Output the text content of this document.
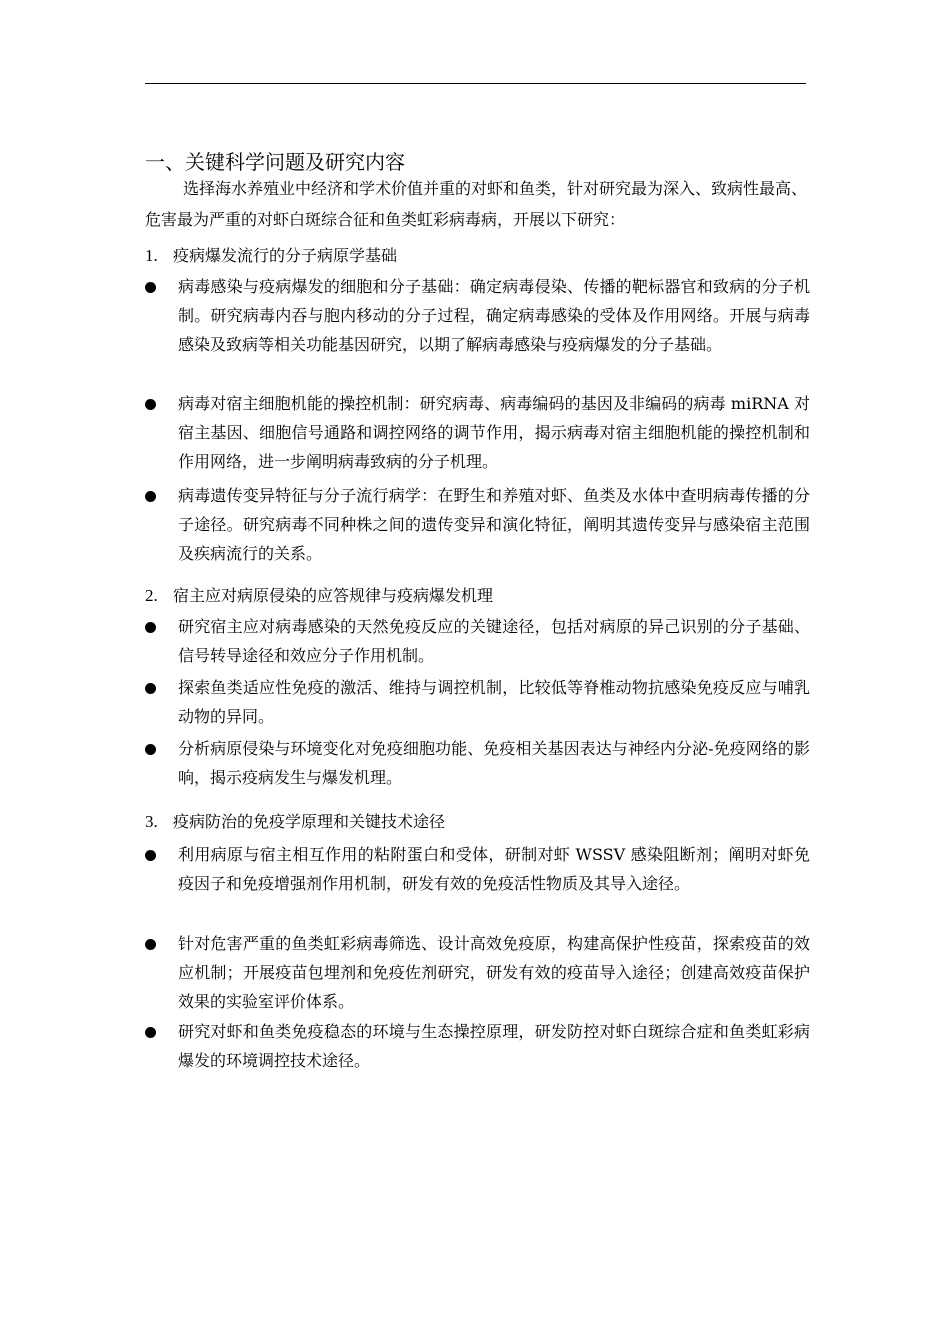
一、关键科学问题及研究内容
选择海水养殖业中经济和学术价值并重的对虾和鱼类，针对研究最为深入、致病性最高、危害最为严重的对虾白斑综合征和鱼类虹彩病毒病，开展以下研究：
1. 疫病爆发流行的分子病原学基础
病毒感染与疫病爆发的细胞和分子基础：确定病毒侵染、传播的靶标器官和致病的分子机制。研究病毒内吞与胞内移动的分子过程，确定病毒感染的受体及作用网络。开展与病毒感染及致病等相关功能基因研究，以期了解病毒感染与疫病爆发的分子基础。
病毒对宿主细胞机能的操控机制：研究病毒、病毒编码的基因及非编码的病毒 miRNA 对宿主基因、细胞信号通路和调控网络的调节作用，揭示病毒对宿主细胞机能的操控机制和作用网络，进一步阐明病毒致病的分子机理。
病毒遗传变异特征与分子流行病学：在野生和养殖对虾、鱼类及水体中查明病毒传播的分子途径。研究病毒不同种株之间的遗传变异和演化特征，阐明其遗传变异与感染宿主范围及疾病流行的关系。
2. 宿主应对病原侵染的应答规律与疫病爆发机理
研究宿主应对病毒感染的天然免疫反应的关键途径，包括对病原的异己识别的分子基础、信号转导途径和效应分子作用机制。
探索鱼类适应性免疫的激活、维持与调控机制，比较低等脊椎动物抗感染免疫反应与哺乳动物的异同。
分析病原侵染与环境变化对免疫细胞功能、免疫相关基因表达与神经内分泌-免疫网络的影响，揭示疫病发生与爆发机理。
3. 疫病防治的免疫学原理和关键技术途径
利用病原与宿主相互作用的粘附蛋白和受体，研制对虾 WSSV 感染阻断剂；阐明对虾免疫因子和免疫增强剂作用机制，研发有效的免疫活性物质及其导入途径。
针对危害严重的鱼类虹彩病毒筛选、设计高效免疫原，构建高保护性疫苗，探索疫苗的效应机制；开展疫苗包埋剂和免疫佐剂研究，研发有效的疫苗导入途径；创建高效疫苗保护效果的实验室评价体系。
研究对虾和鱼类免疫稳态的环境与生态操控原理，研发防控对虾白斑综合症和鱼类虹彩病爆发的环境调控技术途径。
